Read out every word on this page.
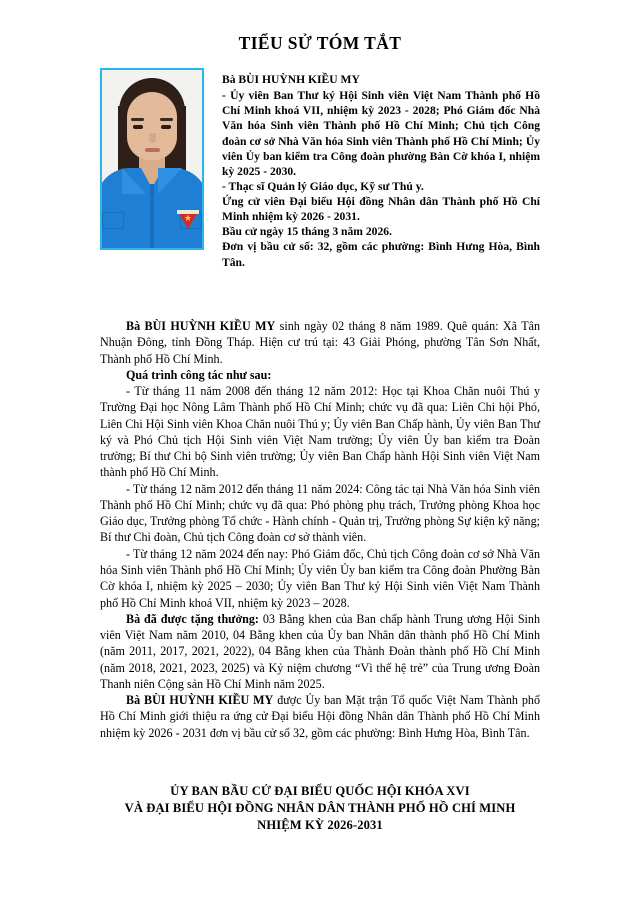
TIỂU SỬ TÓM TẮT
★

Bà BÙI HUỲNH KIỀU MY

- Ủy viên Ban Thư ký Hội Sinh viên Việt Nam Thành phố Hồ Chí Minh khoá VII, nhiệm kỳ 2023 - 2028; Phó Giám đốc Nhà Văn hóa Sinh viên Thành phố Hồ Chí Minh; Chủ tịch Công đoàn cơ sở Nhà Văn hóa Sinh viên Thành phố Hồ Chí Minh; Ủy viên Ủy ban kiểm tra Công đoàn phường Bàn Cờ khóa I, nhiệm kỳ 2025 - 2030.

- Thạc sĩ Quản lý Giáo dục, Kỹ sư Thú y.

Ứng cử viên Đại biểu Hội đồng Nhân dân Thành phố Hồ Chí Minh nhiệm kỳ 2026 - 2031.

Bầu cử ngày 15 tháng 3 năm 2026.

Đơn vị bầu cử số: 32, gồm các phường: Bình Hưng Hòa, Bình Tân.

Bà BÙI HUỲNH KIỀU MY sinh ngày 02 tháng 8 năm 1989. Quê quán: Xã Tân Nhuận Đông, tỉnh Đồng Tháp. Hiện cư trú tại: 43 Giải Phóng, phường Tân Sơn Nhất, Thành phố Hồ Chí Minh.

Quá trình công tác như sau:

- Từ tháng 11 năm 2008 đến tháng 12 năm 2012: Học tại Khoa Chăn nuôi Thú y Trường Đại học Nông Lâm Thành phố Hồ Chí Minh; chức vụ đã qua: Liên Chi hội Phó, Liên Chi Hội Sinh viên Khoa Chăn nuôi Thú y; Ủy viên Ban Chấp hành, Ủy viên Ban Thư ký và Phó Chủ tịch Hội Sinh viên Việt Nam trường; Ủy viên Ủy ban kiểm tra Đoàn trường; Bí thư Chi bộ Sinh viên trường; Ủy viên Ban Chấp hành Hội Sinh viên Việt Nam thành phố Hồ Chí Minh.

- Từ tháng 12 năm 2012 đến tháng 11 năm 2024: Công tác tại Nhà Văn hóa Sinh viên Thành phố Hồ Chí Minh; chức vụ đã qua: Phó phòng phụ trách, Trưởng phòng Khoa học Giáo dục, Trưởng phòng Tổ chức - Hành chính - Quản trị, Trưởng phòng Sự kiện kỹ năng; Bí thư Chi đoàn, Chủ tịch Công đoàn cơ sở thành viên.

- Từ tháng 12 năm 2024 đến nay: Phó Giám đốc, Chủ tịch Công đoàn cơ sở Nhà Văn hóa Sinh viên Thành phố Hồ Chí Minh; Ủy viên Ủy ban kiểm tra Công đoàn Phường Bàn Cờ khóa I, nhiệm kỳ 2025 – 2030; Ủy viên Ban Thư ký Hội Sinh viên Việt Nam Thành phố Hồ Chí Minh khoá VII, nhiệm kỳ 2023 – 2028.

Bà đã được tặng thưởng: 03 Bằng khen của Ban chấp hành Trung ương Hội Sinh viên Việt Nam năm 2010, 04 Bằng khen của Ủy ban Nhân dân thành phố Hồ Chí Minh (năm 2011, 2017, 2021, 2022), 04 Bằng khen của Thành Đoàn thành phố Hồ Chí Minh (năm 2018, 2021, 2023, 2025) và Kỷ niệm chương “Vì thế hệ trẻ” của Trung ương Đoàn Thanh niên Cộng sản Hồ Chí Minh năm 2025.

Bà BÙI HUỲNH KIỀU MY được Ủy ban Mặt trận Tổ quốc Việt Nam Thành phố Hồ Chí Minh giới thiệu ra ứng cử Đại biểu Hội đồng Nhân dân Thành phố Hồ Chí Minh nhiệm kỳ 2026 - 2031 đơn vị bầu cử số 32, gồm các phường: Bình Hưng Hòa, Bình Tân.

ỦY BAN BẦU CỬ ĐẠI BIỂU QUỐC HỘI KHÓA XVI
VÀ ĐẠI BIỂU HỘI ĐỒNG NHÂN DÂN THÀNH PHỐ HỒ CHÍ MINH
NHIỆM KỲ 2026-2031
